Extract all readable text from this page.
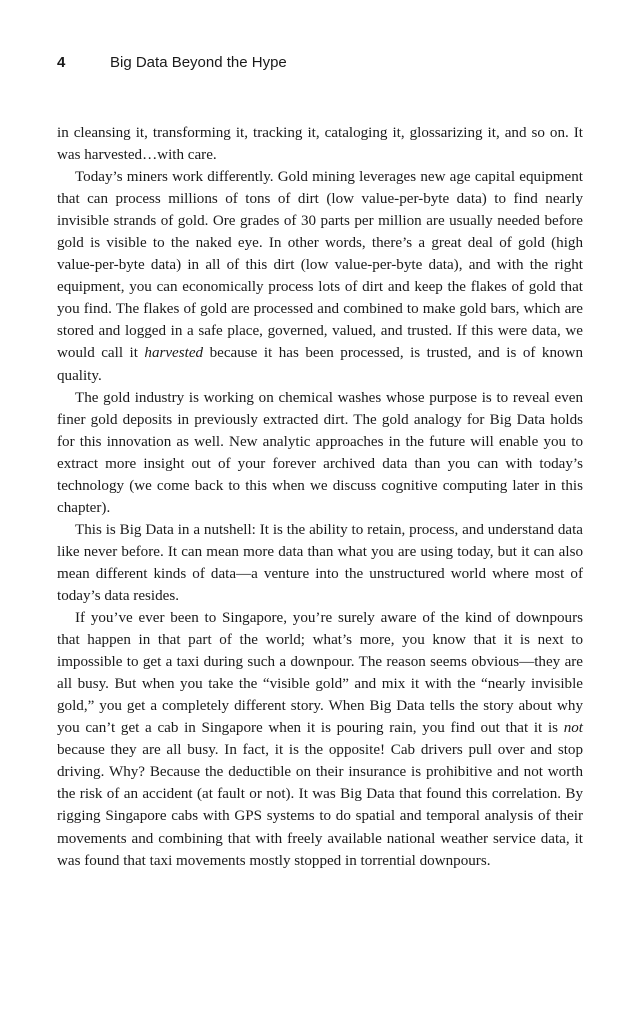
4	Big Data Beyond the Hype

in cleansing it, transforming it, tracking it, cataloging it, glossarizing it, and so on. It was harvested…with care.

Today’s miners work differently. Gold mining leverages new age capital equipment that can process millions of tons of dirt (low value-per-byte data) to find nearly invisible strands of gold. Ore grades of 30 parts per million are usually needed before gold is visible to the naked eye. In other words, there’s a great deal of gold (high value-per-byte data) in all of this dirt (low value-per-byte data), and with the right equipment, you can economically process lots of dirt and keep the flakes of gold that you find. The flakes of gold are processed and combined to make gold bars, which are stored and logged in a safe place, governed, valued, and trusted. If this were data, we would call it harvested because it has been processed, is trusted, and is of known quality.

The gold industry is working on chemical washes whose purpose is to reveal even finer gold deposits in previously extracted dirt. The gold analogy for Big Data holds for this innovation as well. New analytic approaches in the future will enable you to extract more insight out of your forever archived data than you can with today’s technology (we come back to this when we discuss cognitive computing later in this chapter).

This is Big Data in a nutshell: It is the ability to retain, process, and understand data like never before. It can mean more data than what you are using today, but it can also mean different kinds of data—a venture into the unstructured world where most of today’s data resides.

If you’ve ever been to Singapore, you’re surely aware of the kind of downpours that happen in that part of the world; what’s more, you know that it is next to impossible to get a taxi during such a downpour. The reason seems obvious—they are all busy. But when you take the “visible gold” and mix it with the “nearly invisible gold,” you get a completely different story. When Big Data tells the story about why you can’t get a cab in Singapore when it is pouring rain, you find out that it is not because they are all busy. In fact, it is the opposite! Cab drivers pull over and stop driving. Why? Because the deductible on their insurance is prohibitive and not worth the risk of an accident (at fault or not). It was Big Data that found this correlation. By rigging Singapore cabs with GPS systems to do spatial and temporal analysis of their movements and combining that with freely available national weather service data, it was found that taxi movements mostly stopped in torrential downpours.
